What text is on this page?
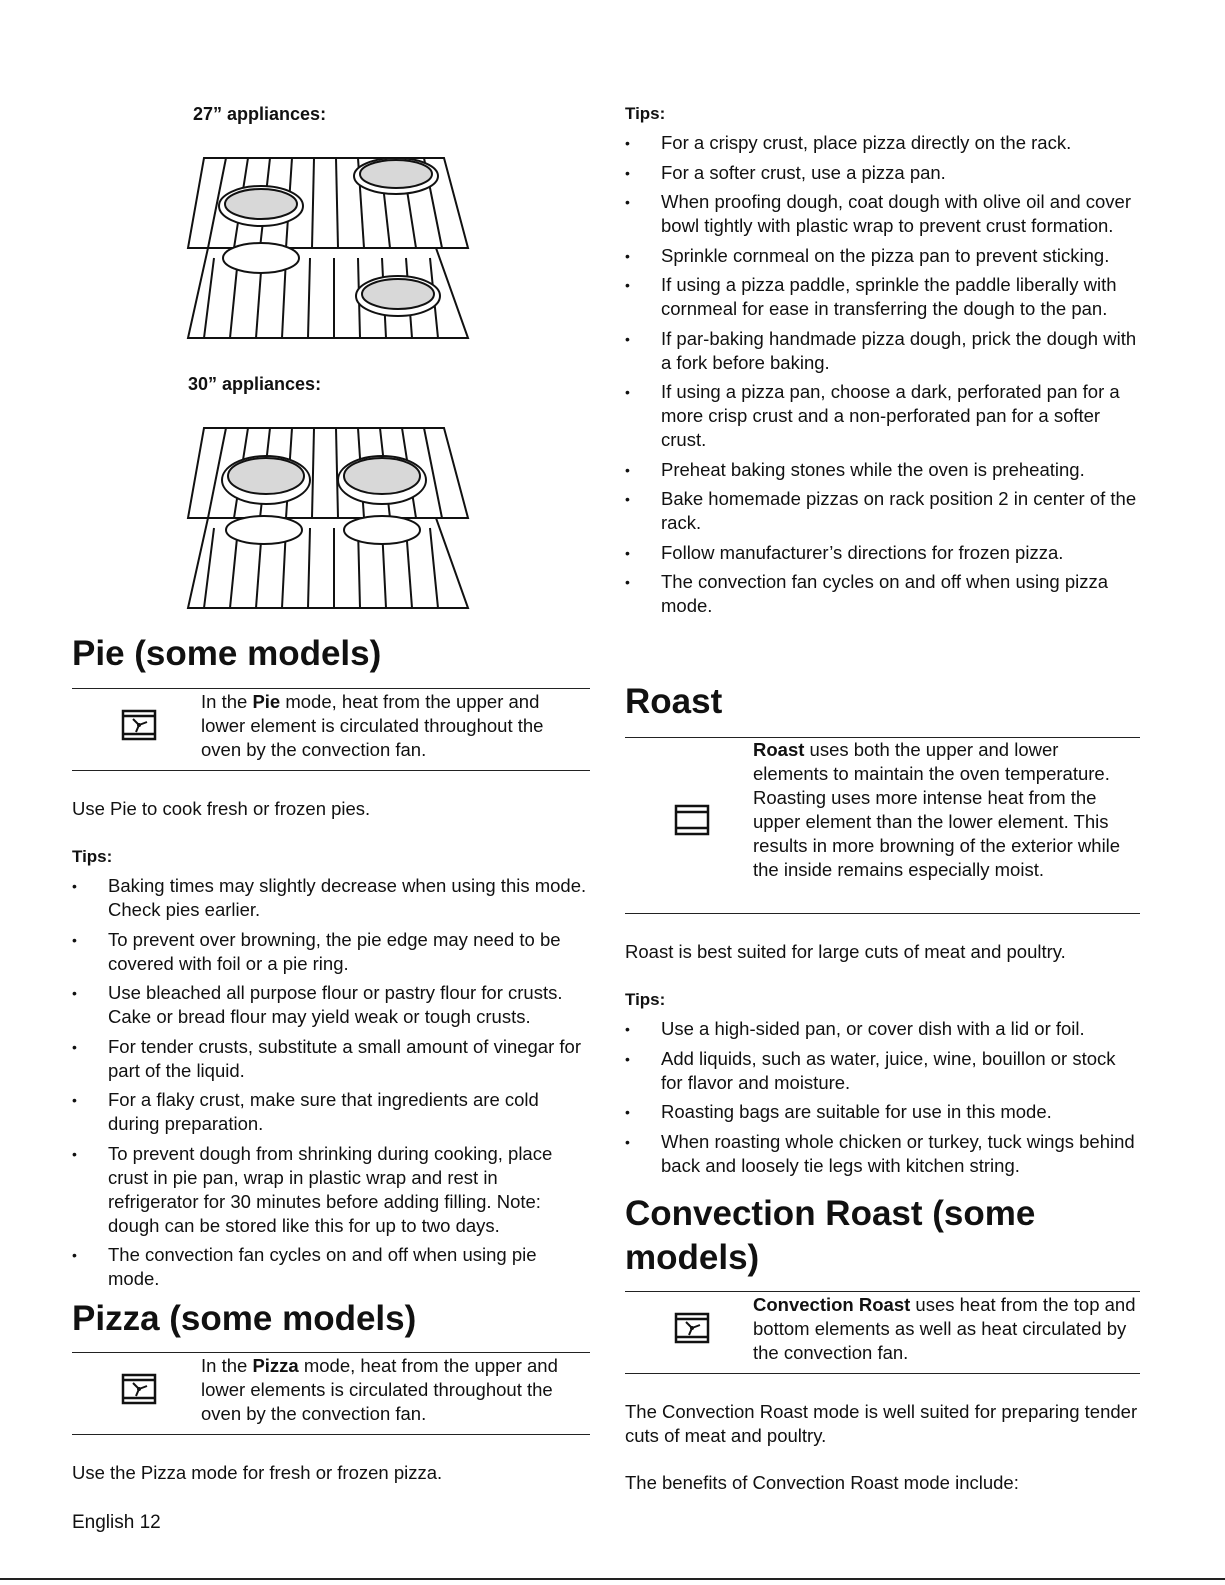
27” appliances:
30” appliances:
Pie (some models)
In the Pie mode, heat from the upper and lower element is circulated throughout the oven by the convection fan.

Use Pie to cook fresh or frozen pies.

Tips:
• Baking times may slightly decrease when using this mode. Check pies earlier.
• To prevent over browning, the pie edge may need to be covered with foil or a pie ring.
• Use bleached all purpose flour or pastry flour for crusts. Cake or bread flour may yield weak or tough crusts.
• For tender crusts, substitute a small amount of vinegar for part of the liquid.
• For a flaky crust, make sure that ingredients are cold during preparation.
• To prevent dough from shrinking during cooking, place crust in pie pan, wrap in plastic wrap and rest in refrigerator for 30 minutes before adding filling. Note: dough can be stored like this for up to two days.
• The convection fan cycles on and off when using pie mode.
Pizza (some models)
In the Pizza mode, heat from the upper and lower elements is circulated throughout the oven by the convection fan.

Use the Pizza mode for fresh or frozen pizza.

Tips:
• For a crispy crust, place pizza directly on the rack.
• For a softer crust, use a pizza pan.
• When proofing dough, coat dough with olive oil and cover bowl tightly with plastic wrap to prevent crust formation.
• Sprinkle cornmeal on the pizza pan to prevent sticking.
• If using a pizza paddle, sprinkle the paddle liberally with cornmeal for ease in transferring the dough to the pan.
• If par-baking handmade pizza dough, prick the dough with a fork before baking.
• If using a pizza pan, choose a dark, perforated pan for a more crisp crust and a non-perforated pan for a softer crust.
• Preheat baking stones while the oven is preheating.
• Bake homemade pizzas on rack position 2 in center of the rack.
• Follow manufacturer’s directions for frozen pizza.
• The convection fan cycles on and off when using pizza mode.
Roast
Roast uses both the upper and lower elements to maintain the oven temperature. Roasting uses more intense heat from the upper element than the lower element. This results in more browning of the exterior while the inside remains especially moist.

Roast is best suited for large cuts of meat and poultry.

Tips:
• Use a high-sided pan, or cover dish with a lid or foil.
• Add liquids, such as water, juice, wine, bouillon or stock for flavor and moisture.
• Roasting bags are suitable for use in this mode.
• When roasting whole chicken or turkey, tuck wings behind back and loosely tie legs with kitchen string.
Convection Roast (some models)
Convection Roast uses heat from the top and bottom elements as well as heat circulated by the convection fan.

The Convection Roast mode is well suited for preparing tender cuts of meat and poultry.

The benefits of Convection Roast mode include:

English 12
